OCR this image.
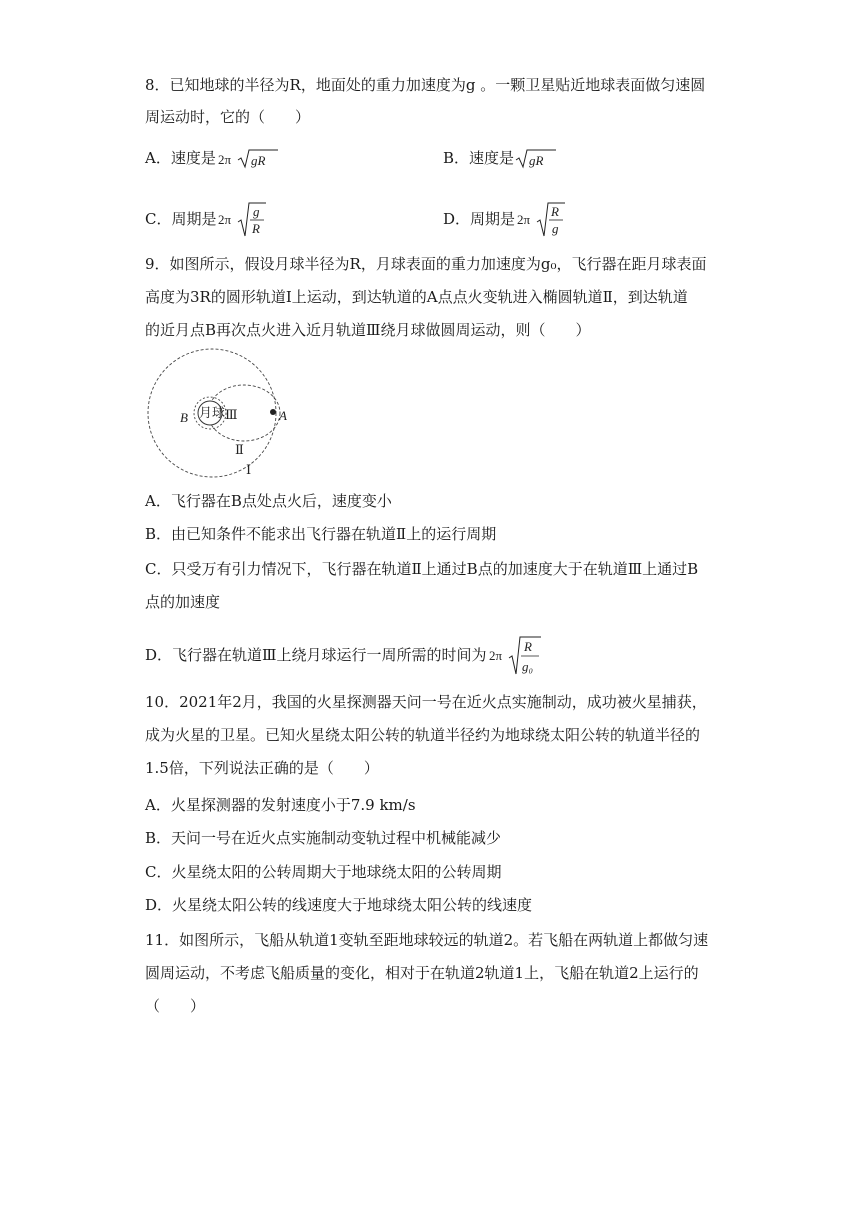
8．已知地球的半径为R，地面处的重力加速度为g 。一颗卫星贴近地球表面做匀速圆
周运动时，它的（　　）
A．速度是 2π gR	B．速度是 gR
C．周期是 2π
g
R
D．周期是 2π
R
g
9．如图所示，假设月球半径为R，月球表面的重力加速度为g₀，飞行器在距月球表面
高度为3R的圆形轨道Ⅰ上运动，到达轨道的A点点火变轨进入椭圆轨道Ⅱ，到达轨道
的近月点B再次点火进入近月轨道Ⅲ绕月球做圆周运动，则（　　）
月球 Ⅲ	A
B
Ⅱ
Ⅰ
A．飞行器在B点处点火后，速度变小
B．由已知条件不能求出飞行器在轨道Ⅱ上的运行周期
C．只受万有引力情况下，飞行器在轨道Ⅱ上通过B点的加速度大于在轨道Ⅲ上通过B
点的加速度
D．飞行器在轨道Ⅲ上绕月球运行一周所需的时间为 2π
R
g₀
10．2021年2月，我国的火星探测器天问一号在近火点实施制动，成功被火星捕获，
成为火星的卫星。已知火星绕太阳公转的轨道半径约为地球绕太阳公转的轨道半径的
1.5倍，下列说法正确的是（　　）
A．火星探测器的发射速度小于7.9 km/s
B．天问一号在近火点实施制动变轨过程中机械能减少
C．火星绕太阳的公转周期大于地球绕太阳的公转周期
D．火星绕太阳公转的线速度大于地球绕太阳公转的线速度
11．如图所示，飞船从轨道1变轨至距地球较远的轨道2。若飞船在两轨道上都做匀速
圆周运动，不考虑飞船质量的变化，相对于在轨道2轨道1上，飞船在轨道2上运行的
（　　）
